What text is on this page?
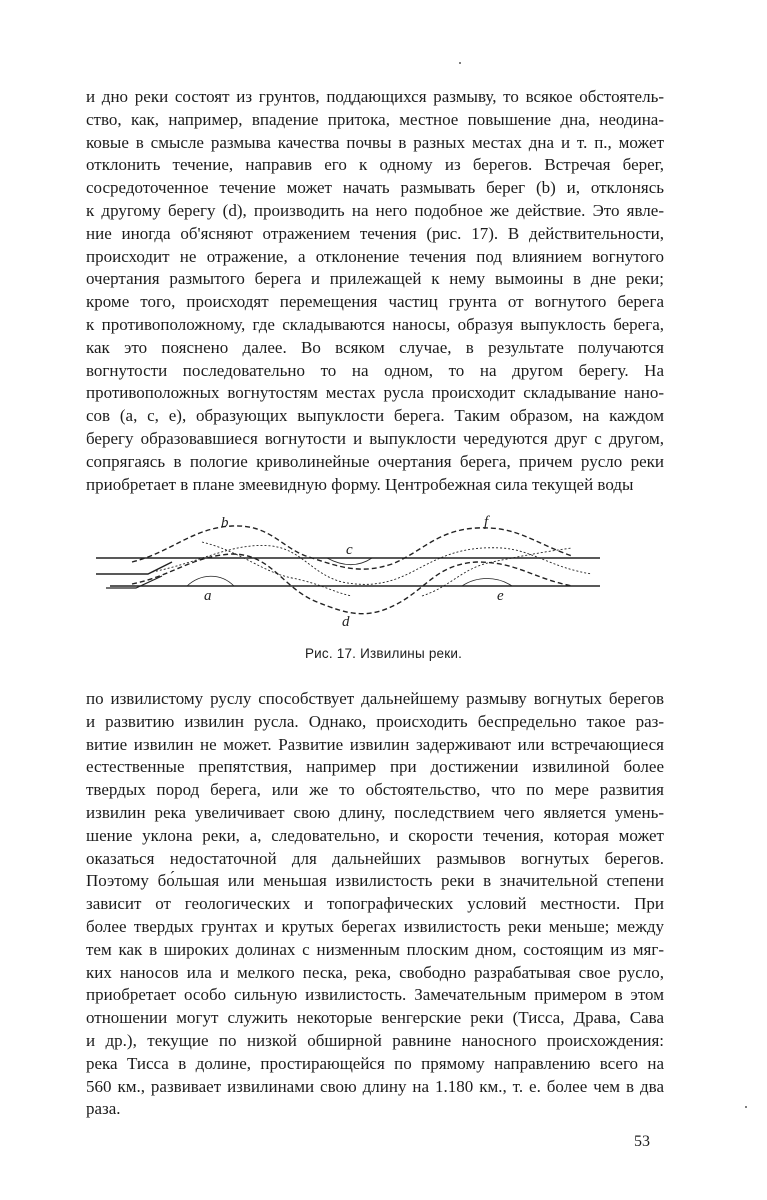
и дно реки состоят из грунтов, поддающихся размыву, то всякое обстоятель-
ство, как, например, впадение притока, местное повышение дна, неодина-
ковые в смысле размыва качества почвы в разных местах дна и т. п., может
отклонить течение, направив его к одному из берегов. Встречая берег,
сосредоточенное течение может начать размывать берег (b) и, отклонясь
к другому берегу (d), производить на него подобное же действие. Это явле-
ние иногда об'ясняют отражением течения (рис. 17). В действительности,
происходит не отражение, а отклонение течения под влиянием вогнутого
очертания размытого берега и прилежащей к нему вымоины в дне реки;
кроме того, происходят перемещения частиц грунта от вогнутого берега
к противоположному, где складываются наносы, образуя выпуклость берега,
как это пояснено далее. Во всяком случае, в результате получаются
вогнутости последовательно то на одном, то на другом берегу. На
противоположных вогнутостям местах русла происходит складывание нано-
сов (a, c, e), образующих выпуклости берега. Таким образом, на каждом
берегу образовавшиеся вогнутости и выпуклости чередуются друг с другом,
сопрягаясь в пологие криволинейные очертания берега, причем русло реки
приобретает в плане змеевидную форму. Центробежная сила текущей воды
b
c
f
a	e
d
Рис. 17. Извилины реки.
по извилистому руслу способствует дальнейшему размыву вогнутых берегов
и развитию извилин русла. Однако, происходить беспредельно такое раз-
витие извилин не может. Развитие извилин задерживают или встречающиеся
естественные препятствия, например при достижении извилиной более
твердых пород берега, или же то обстоятельство, что по мере развития
извилин река увеличивает свою длину, последствием чего является умень-
шение уклона реки, а, следовательно, и скорости течения, которая может
оказаться недостаточной для дальнейших размывов вогнутых берегов.
Поэтому бо́льшая или меньшая извилистость реки в значительной степени
зависит от геологических и топографических условий местности. При
более твердых грунтах и крутых берегах извилистость реки меньше; между
тем как в широких долинах с низменным плоским дном, состоящим из мяг-
ких наносов ила и мелкого песка, река, свободно разрабатывая свое русло,
приобретает особо сильную извилистость. Замечательным примером в этом
отношении могут служить некоторые венгерские реки (Тисса, Драва, Сава
и др.), текущие по низкой обширной равнине наносного происхождения:
река Тисса в долине, простирающейся по прямому направлению всего на
560 км., развивает извилинами свою длину на 1.180 км., т. е. более чем в два
раза.
53
